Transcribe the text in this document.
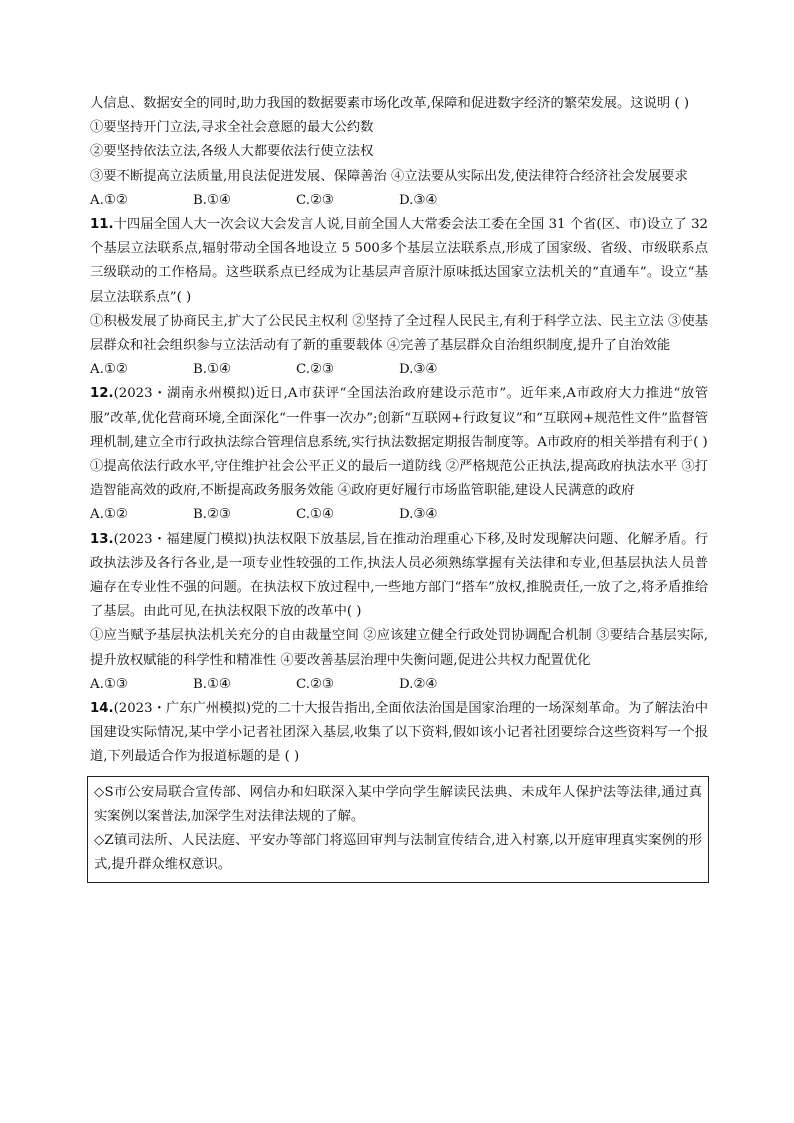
人信息、数据安全的同时,助力我国的数据要素市场化改革,保障和促进数字经济的繁荣发展。这说明 ( )

①要坚持开门立法,寻求全社会意愿的最大公约数

②要坚持依法立法,各级人大都要依法行使立法权

③要不断提高立法质量,用良法促进发展、保障善治 ④立法要从实际出发,使法律符合经济社会发展要求

A.①②	B.①④	C.②③	D.③④

11.十四届全国人大一次会议大会发言人说,目前全国人大常委会法工委在全国 31 个省(区、市)设立了 32 个基层立法联系点,辐射带动全国各地设立 5 500多个基层立法联系点,形成了国家级、省级、市级联系点三级联动的工作格局。这些联系点已经成为让基层声音原汁原味抵达国家立法机关的“直通车”。设立“基层立法联系点”( )

①积极发展了协商民主,扩大了公民民主权利 ②坚持了全过程人民民主,有利于科学立法、民主立法 ③使基层群众和社会组织参与立法活动有了新的重要载体 ④完善了基层群众自治组织制度,提升了自治效能

A.①②	B.①④	C.②③	D.③④

12.(2023・湖南永州模拟)近日,A市获评“全国法治政府建设示范市”。近年来,A市政府大力推进“放管服”改革,优化营商环境,全面深化“一件事一次办”;创新“互联网+行政复议”和“互联网+规范性文件”监督管理机制,建立全市行政执法综合管理信息系统,实行执法数据定期报告制度等。A市政府的相关举措有利于( )

①提高依法行政水平,守住维护社会公平正义的最后一道防线 ②严格规范公正执法,提高政府执法水平 ③打造智能高效的政府,不断提高政务服务效能 ④政府更好履行市场监管职能,建设人民满意的政府

A.①②	B.②③	C.①④	D.③④

13.(2023・福建厦门模拟)执法权限下放基层,旨在推动治理重心下移,及时发现解决问题、化解矛盾。行政执法涉及各行各业,是一项专业性较强的工作,执法人员必须熟练掌握有关法律和专业,但基层执法人员普遍存在专业性不强的问题。在执法权下放过程中,一些地方部门“搭车”放权,推脱责任,一放了之,将矛盾推给了基层。由此可见,在执法权限下放的改革中( )

①应当赋予基层执法机关充分的自由裁量空间 ②应该建立健全行政处罚协调配合机制 ③要结合基层实际,提升放权赋能的科学性和精准性 ④要改善基层治理中失衡问题,促进公共权力配置优化

A.①③	B.①④	C.②③	D.②④

14.(2023・广东广州模拟)党的二十大报告指出,全面依法治国是国家治理的一场深刻革命。为了解法治中国建设实际情况,某中学小记者社团深入基层,收集了以下资料,假如该小记者社团要综合这些资料写一个报道,下列最适合作为报道标题的是 ( )

◇S市公安局联合宣传部、网信办和妇联深入某中学向学生解读民法典、未成年人保护法等法律,通过真实案例以案普法,加深学生对法律法规的了解。

◇Z镇司法所、人民法庭、平安办等部门将巡回审判与法制宣传结合,进入村寨,以开庭审理真实案例的形式,提升群众维权意识。
